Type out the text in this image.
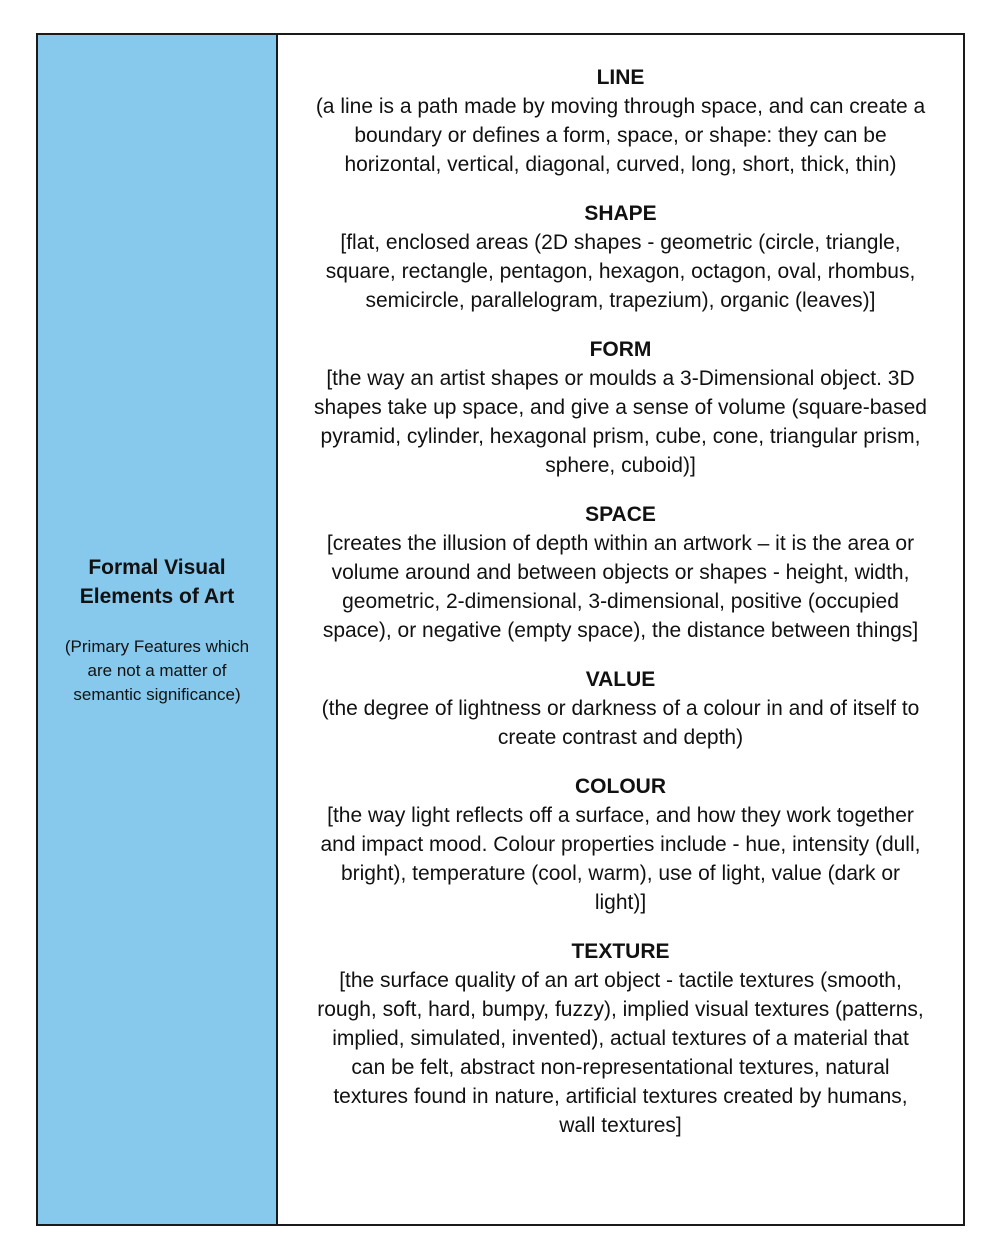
Formal Visual
Elements of Art
(Primary Features which
are not a matter of
semantic significance)
LINE
(a line is a path made by moving through space, and can create a
boundary or defines a form, space, or shape: they can be
horizontal, vertical, diagonal, curved, long, short, thick, thin)
SHAPE
[flat, enclosed areas (2D shapes - geometric (circle, triangle,
square, rectangle, pentagon, hexagon, octagon, oval, rhombus,
semicircle, parallelogram, trapezium), organic (leaves)]
FORM
[the way an artist shapes or moulds a 3-Dimensional object. 3D
shapes take up space, and give a sense of volume (square-based
pyramid, cylinder, hexagonal prism, cube, cone, triangular prism,
sphere, cuboid)]
SPACE
[creates the illusion of depth within an artwork – it is the area or
volume around and between objects or shapes - height, width,
geometric, 2-dimensional, 3-dimensional, positive (occupied
space), or negative (empty space), the distance between things]
VALUE
(the degree of lightness or darkness of a colour in and of itself to
create contrast and depth)
COLOUR
[the way light reflects off a surface, and how they work together
and impact mood. Colour properties include - hue, intensity (dull,
bright), temperature (cool, warm), use of light, value (dark or
light)]
TEXTURE
[the surface quality of an art object - tactile textures (smooth,
rough, soft, hard, bumpy, fuzzy), implied visual textures (patterns,
implied, simulated, invented), actual textures of a material that
can be felt, abstract non-representational textures, natural
textures found in nature, artificial textures created by humans,
wall textures]
